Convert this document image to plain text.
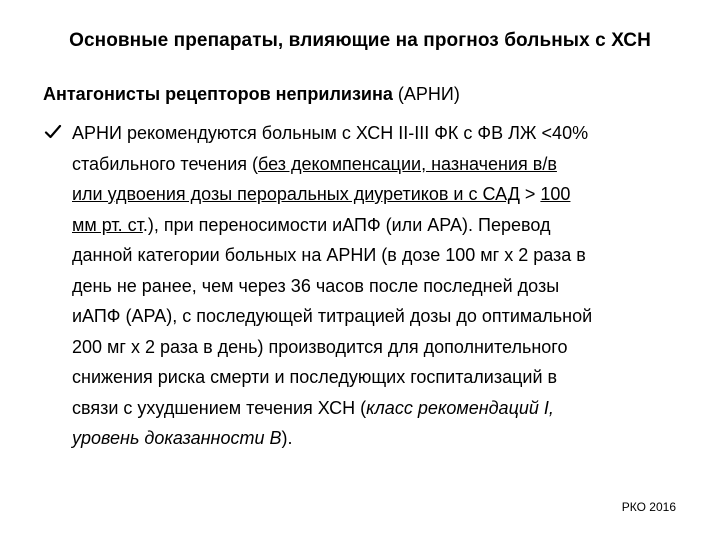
Основные препараты, влияющие на прогноз больных с ХСН
Антагонисты рецепторов неприлизина (АРНИ)
АРНИ рекомендуются больным с ХСН II-III ФК с ФВ ЛЖ <40%
стабильного течения (без декомпенсации, назначения в/в
или удвоения дозы пероральных диуретиков и с САД > 100
мм рт. ст.), при переносимости иАПФ (или АРА). Перевод
данной категории больных на АРНИ (в дозе 100 мг x 2 раза в
день не ранее, чем через 36 часов после последней дозы
иАПФ (АРА), с последующей титрацией дозы до оптимальной
200 мг x 2 раза в день) производится для дополнительного
снижения риска смерти и последующих госпитализаций в
связи с ухудшением течения ХСН (класс рекомендаций I,
уровень доказанности В).
РКО 2016
